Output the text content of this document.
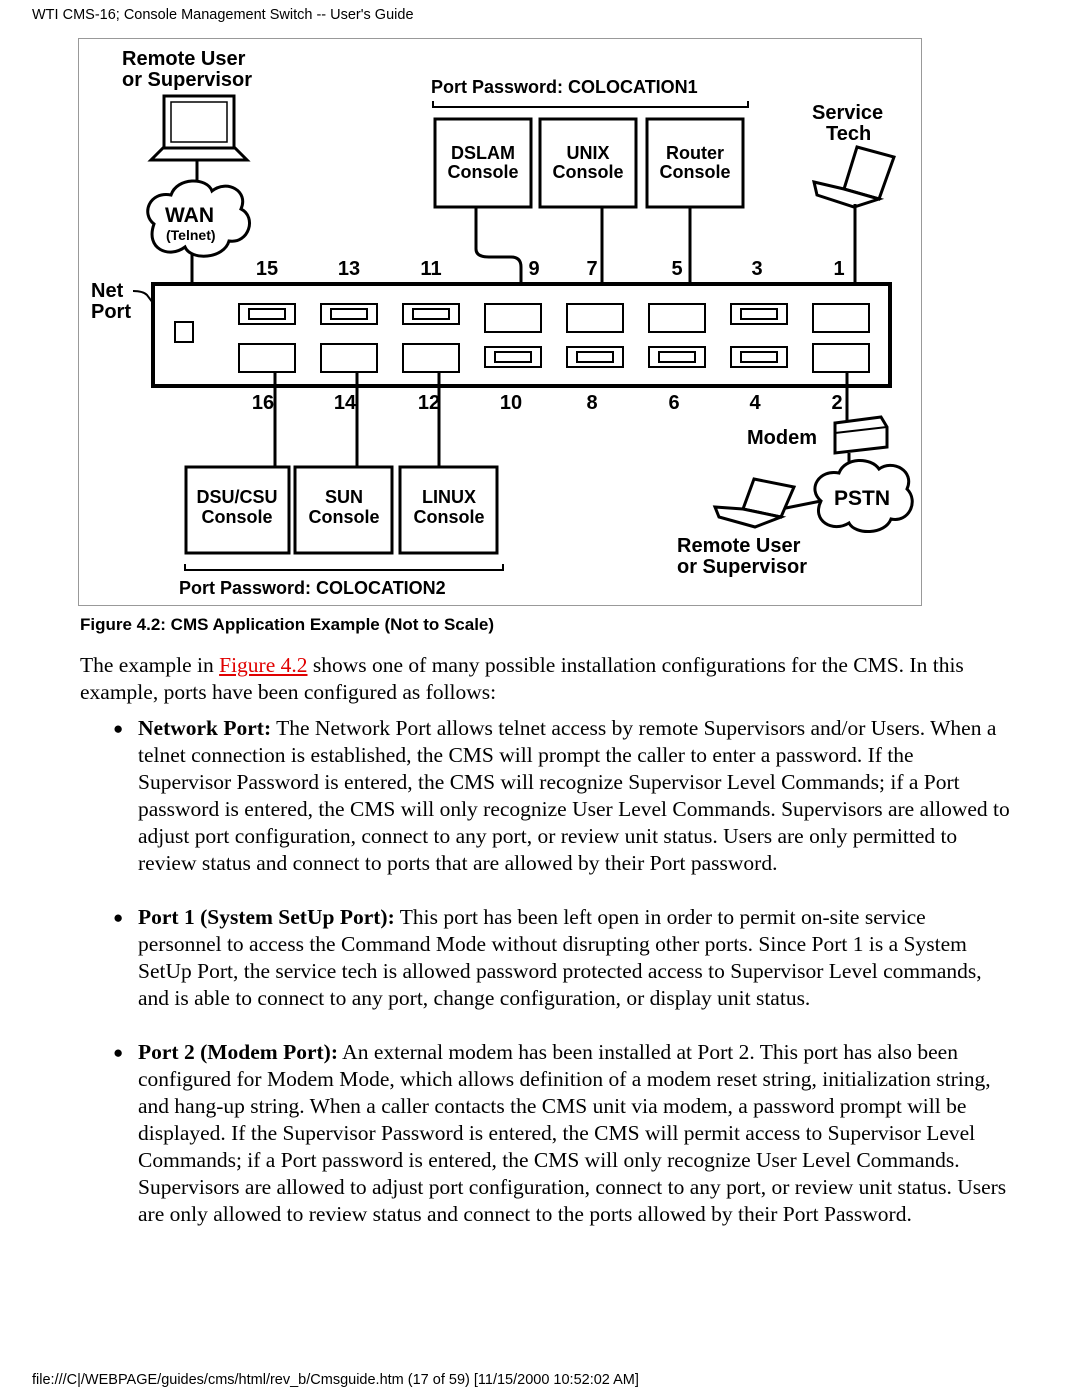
WTI CMS-16; Console Management Switch -- User's Guide
Remote User
or Supervisor
WAN
(Telnet)
Net
Port
Port Password: COLOCATION1
DSLAM
Console
UNIX
Console
Router
Console
Service
Tech
15	13	11	9 7	5	3	1
16	14	12	10	8	6	4	2
Modem
PSTN
Remote User
or Supervisor
DSU/CSU
Console
SUN
Console
LINUX
Console
Port Password: COLOCATION2
Figure 4.2: CMS Application Example (Not to Scale)

The example in Figure 4.2 shows one of many possible installation configurations for the CMS. In this example, ports have been configured as follows:

● Network Port: The Network Port allows telnet access by remote Supervisors and/or Users. When a telnet connection is established, the CMS will prompt the caller to enter a password. If the Supervisor Password is entered, the CMS will recognize Supervisor Level Commands; if a Port password is entered, the CMS will only recognize User Level Commands. Supervisors are allowed to adjust port configuration, connect to any port, or review unit status. Users are only permitted to review status and connect to ports that are allowed by their Port password.
● Port 1 (System SetUp Port): This port has been left open in order to permit on-site service personnel to access the Command Mode without disrupting other ports. Since Port 1 is a System SetUp Port, the service tech is allowed password protected access to Supervisor Level commands, and is able to connect to any port, change configuration, or display unit status.
● Port 2 (Modem Port): An external modem has been installed at Port 2. This port has also been configured for Modem Mode, which allows definition of a modem reset string, initialization string, and hang-up string. When a caller contacts the CMS unit via modem, a password prompt will be displayed. If the Supervisor Password is entered, the CMS will permit access to Supervisor Level Commands; if a Port password is entered, the CMS will only recognize User Level Commands. Supervisors are allowed to adjust port configuration, connect to any port, or review unit status. Users are only allowed to review status and connect to the ports allowed by their Port Password.
file:///C|/WEBPAGE/guides/cms/html/rev_b/Cmsguide.htm (17 of 59) [11/15/2000 10:52:02 AM]
